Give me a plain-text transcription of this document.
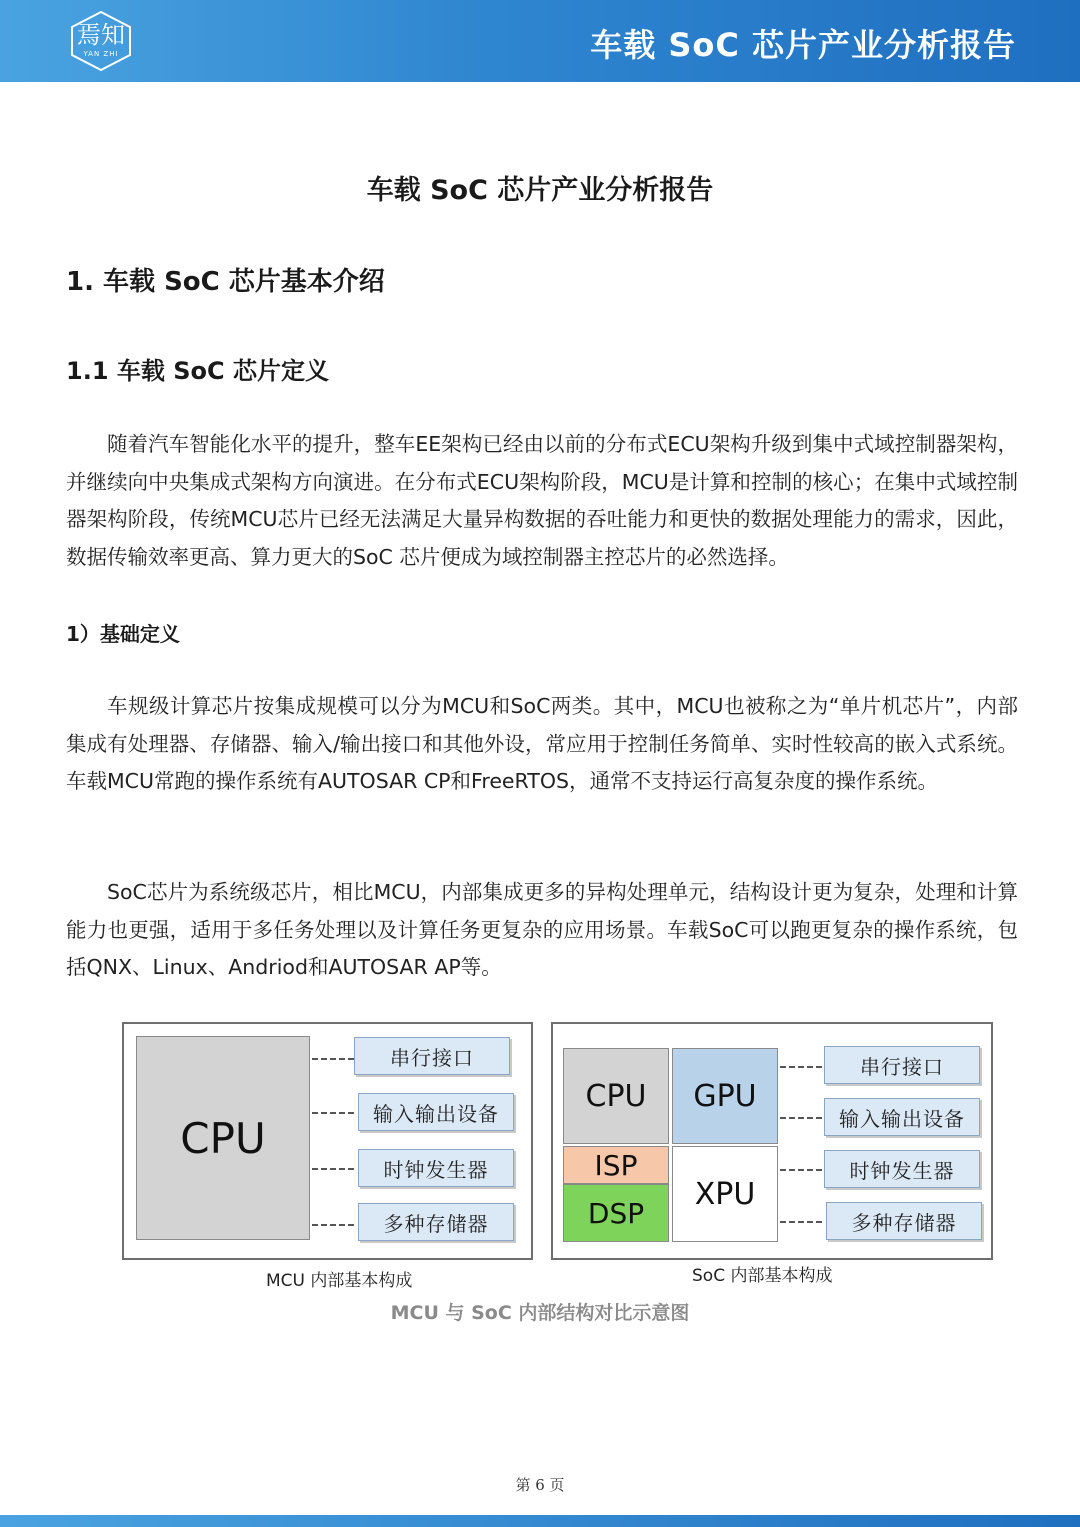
焉知
YAN ZHI	车载 SoC 芯片产业分析报告
车载 SoC 芯片产业分析报告
1. 车载 SoC 芯片基本介绍
1.1 车载 SoC 芯片定义

随着汽车智能化水平的提升，整车EE架构已经由以前的分布式ECU架构升级到集中式域控制器架构，并继续向中央集成式架构方向演进。在分布式ECU架构阶段，MCU是计算和控制的核心；在集中式域控制器架构阶段，传统MCU芯片已经无法满足大量异构数据的吞吐能力和更快的数据处理能力的需求，因此，数据传输效率更高、算力更大的SoC 芯片便成为域控制器主控芯片的必然选择。

1）基础定义

车规级计算芯片按集成规模可以分为MCU和SoC两类。其中，MCU也被称之为“单片机芯片”，内部集成有处理器、存储器、输入/输出接口和其他外设，常应用于控制任务简单、实时性较高的嵌入式系统。车载MCU常跑的操作系统有AUTOSAR CP和FreeRTOS，通常不支持运行高复杂度的操作系统。

SoC芯片为系统级芯片，相比MCU，内部集成更多的异构处理单元，结构设计更为复杂，处理和计算能力也更强，适用于多任务处理以及计算任务更复杂的应用场景。车载SoC可以跑更复杂的操作系统，包括QNX、Linux、Andriod和AUTOSAR AP等。

CPU
串行接口
输入输出设备
时钟发生器
多种存储器
MCU 内部基本构成
CPU	GPU
ISP
DSP
XPU
串行接口
输入输出设备
时钟发生器
多种存储器
SoC 内部基本构成
MCU 与 SoC 内部结构对比示意图
第 6 页
